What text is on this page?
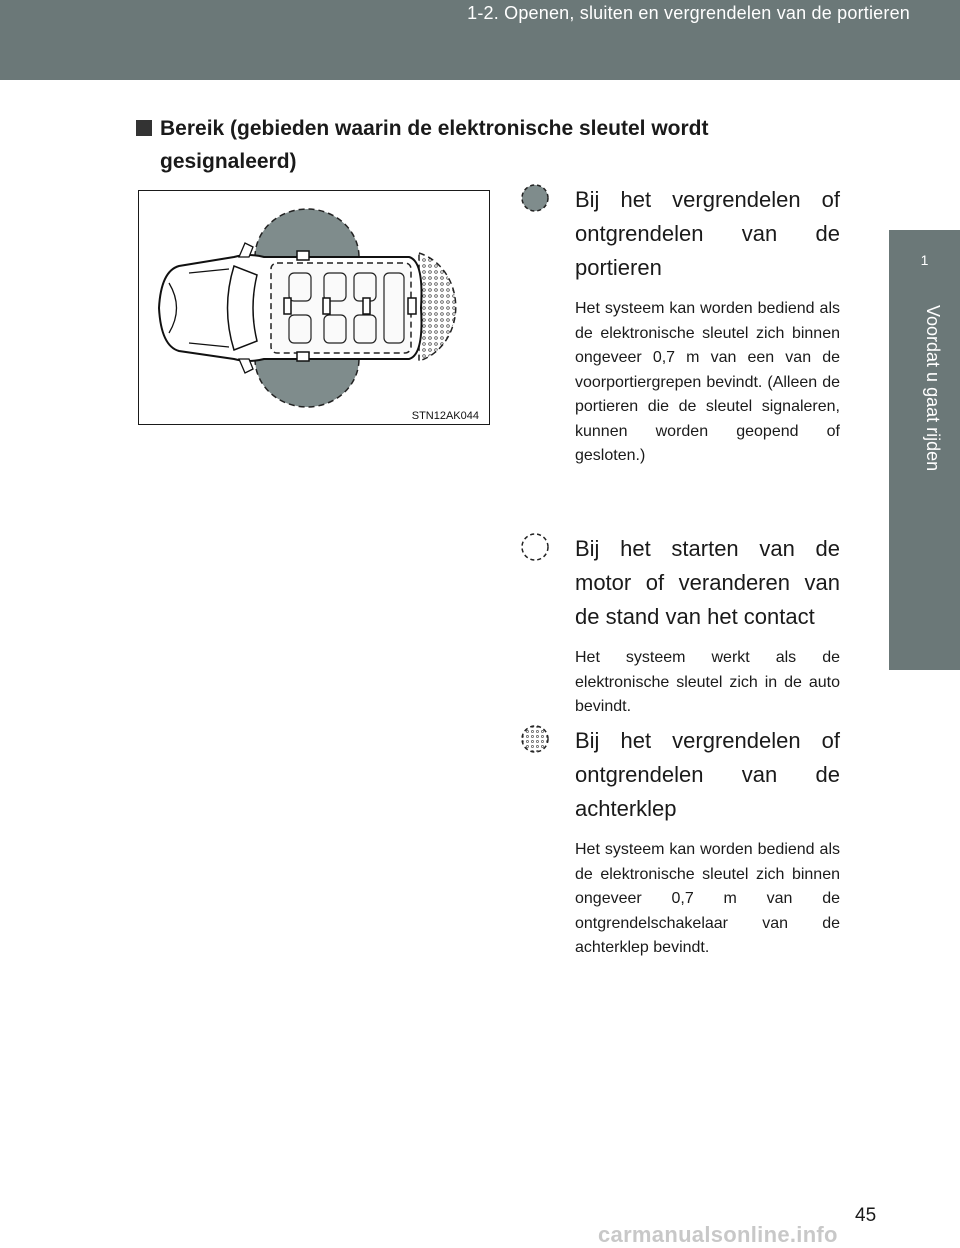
1-2. Openen, sluiten en vergrendelen van de portieren
1
Voordat u gaat rijden
Bereik (gebieden waarin de elektronische sleutel wordt
gesignaleerd)
STN12AK044
Bij het vergrendelen of ontgrendelen van de portieren
Het systeem kan worden bediend als de elektronische sleutel zich binnen ongeveer 0,7 m van een van de voorportiergrepen bevindt. (Alleen de portieren die de sleutel signaleren, kunnen worden geopend of gesloten.)
Bij het starten van de motor of veranderen van de stand van het contact
Het systeem werkt als de elektronische sleutel zich in de auto bevindt.
Bij het vergrendelen of ontgrendelen van de achterklep
Het systeem kan worden bediend als de elektronische sleutel zich binnen ongeveer 0,7 m van de ontgrendelschakelaar van de achterklep bevindt.
45
carmanualsonline.info
